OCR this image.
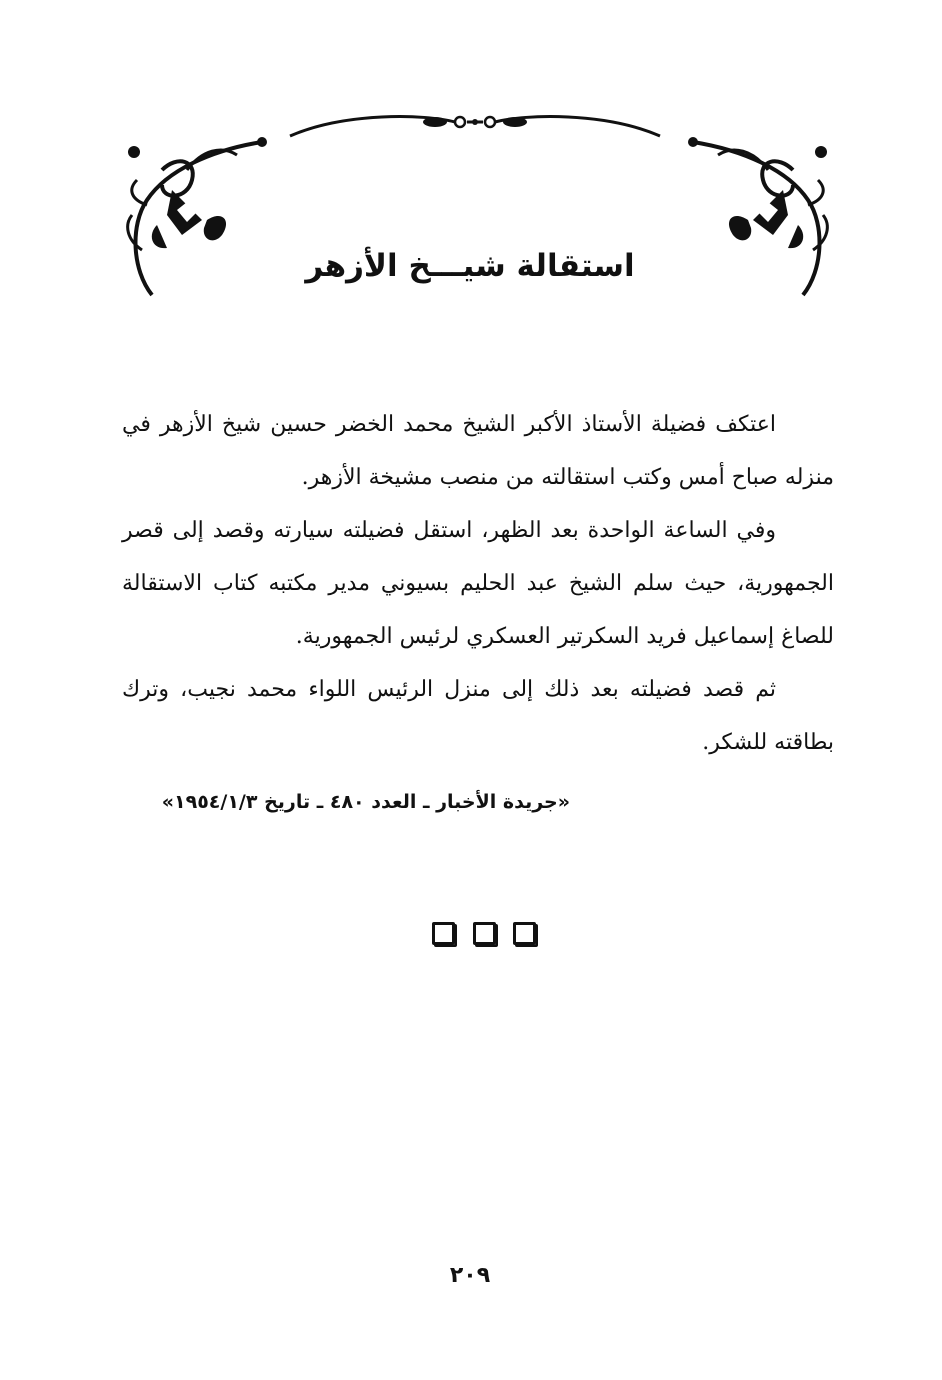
استقالة شيـــخ الأزهر

اعتكف فضيلة الأستاذ الأكبر الشيخ محمد الخضر حسين شيخ الأزهر في منزله صباح أمس وكتب استقالته من منصب مشيخة الأزهر.

وفي الساعة الواحدة بعد الظهر، استقل فضيلته سيارته وقصد إلى قصر الجمهورية، حيث سلم الشيخ عبد الحليم بسيوني مدير مكتبه كتاب الاستقالة للصاغ إسماعيل فريد السكرتير العسكري لرئيس الجمهورية.

ثم قصد فضيلته بعد ذلك إلى منزل الرئيس اللواء محمد نجيب، وترك بطاقته للشكر.

«جريدة الأخبار ـ العدد ٤٨٠ ـ تاريخ ١٩٥٤/١/٣»
٢٠٩
